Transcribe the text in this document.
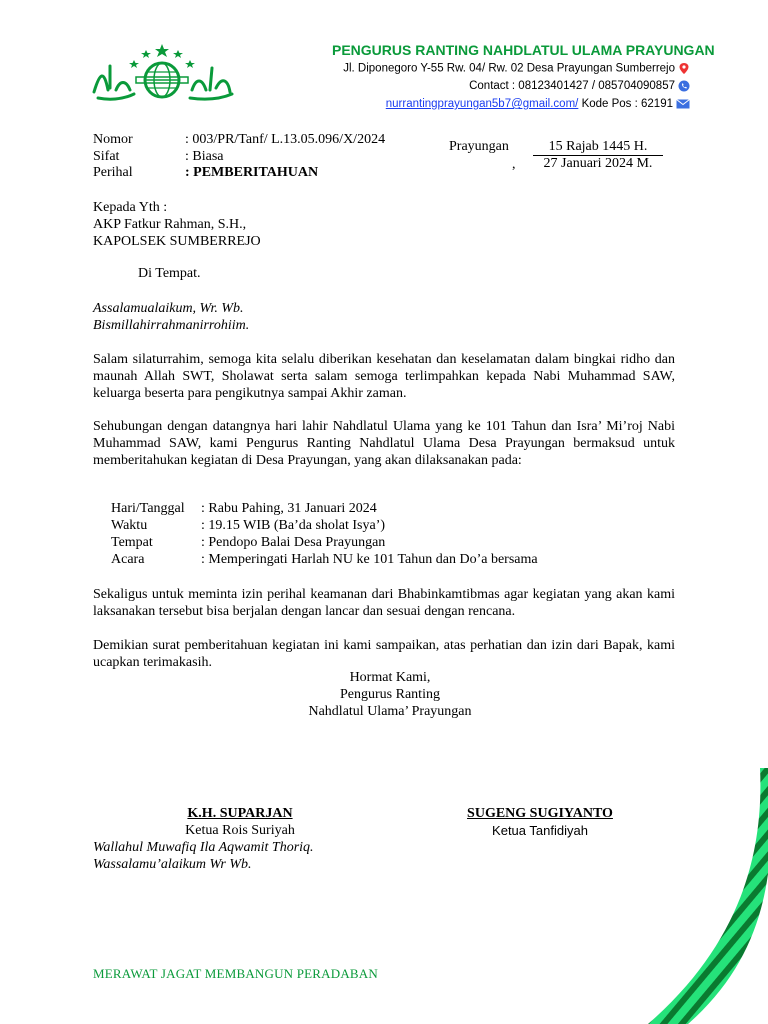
PENGURUS RANTING NAHDLATUL ULAMA PRAYUNGAN
Jl. Diponegoro Y-55 Rw. 04/ Rw. 02 Desa Prayungan Sumberrejo
Contact : 08123401427 / 085704090857
nurrantingprayungan5b7@gmail.com/ Kode Pos : 62191
Nomor	: 003/PR/Tanf/ L.13.05.096/X/2024
Sifat	: Biasa
Perihal	: PEMBERITAHUAN
Prayungan	15 Rajab 1445 H.
,	27 Januari 2024 M.
Kepada Yth :
AKP Fatkur Rahman, S.H.,
KAPOLSEK SUMBERREJO
Di Tempat.
Assalamualaikum, Wr. Wb.
Bismillahirrahmanirrohiim.
Salam silaturrahim, semoga kita selalu diberikan kesehatan dan keselamatan dalam bingkai ridho dan maunah Allah SWT, Sholawat serta salam semoga terlimpahkan kepada Nabi Muhammad SAW, keluarga beserta para pengikutnya sampai Akhir zaman.
Sehubungan dengan datangnya hari lahir Nahdlatul Ulama yang ke 101 Tahun dan Isra’ Mi’roj Nabi Muhammad SAW, kami Pengurus Ranting Nahdlatul Ulama Desa Prayungan bermaksud untuk memberitahukan kegiatan di Desa Prayungan, yang akan dilaksanakan pada:
Hari/Tanggal : Rabu Pahing, 31 Januari 2024
Waktu	: 19.15 WIB (Ba’da sholat Isya’)
Tempat	: Pendopo Balai Desa Prayungan
Acara	: Memperingati Harlah NU ke 101 Tahun dan Do’a bersama
Sekaligus untuk meminta izin perihal keamanan dari Bhabinkamtibmas agar kegiatan yang akan kami laksanakan tersebut bisa berjalan dengan lancar dan sesuai dengan rencana.
Demikian surat pemberitahuan kegiatan ini kami sampaikan, atas perhatian dan izin dari Bapak, kami ucapkan terimakasih.
Hormat Kami,
Pengurus Ranting
Nahdlatul Ulama’ Prayungan
K.H. SUPARJAN
Ketua Rois Suriyah
SUGENG SUGIYANTO
Ketua Tanfidiyah
Wallahul Muwafiq Ila Aqwamit Thoriq.
Wassalamu’alaikum Wr Wb.
MERAWAT JAGAT MEMBANGUN PERADABAN
